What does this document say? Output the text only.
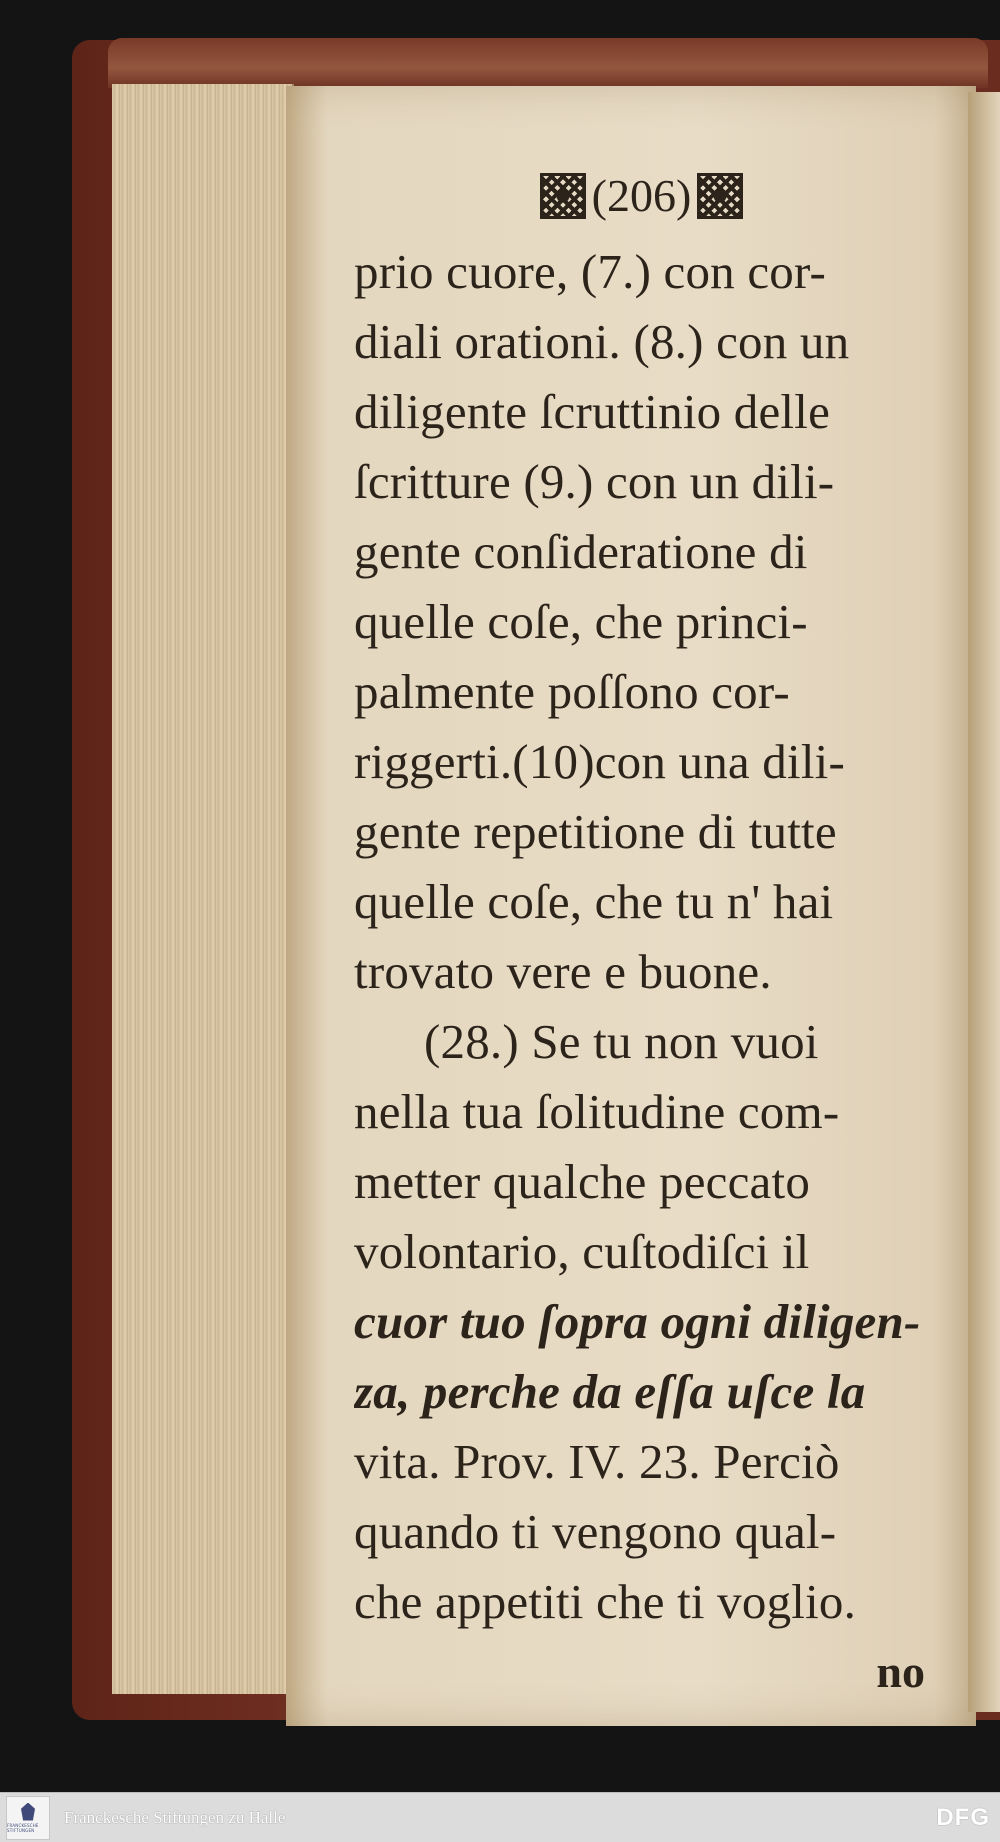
(206)
prio cuore, (7.) con cor-
diali orationi. (8.) con un
diligente ſcruttinio delle
ſcritture (9.) con un dili-
gente conſideratione di
quelle coſe, che princi-
palmente poſſono cor-
riggerti.(10)con una dili-
gente repetitione di tutte
quelle coſe, che tu n' hai
trovato vere e buone.
(28.) Se tu non vuoi
nella tua ſolitudine com-
metter qualche peccato
volontario, cuſtodiſci il
cuor tuo ſopra ogni diligen-
za, perche da eſſa uſce la
vita. Prov. IV. 23. Perciò
quando ti vengono qual-
che appetiti che ti voglio.
no
FRANCKESCHE STIFTUNGEN
Franckesche Stiftungen zu Halle	DFG
